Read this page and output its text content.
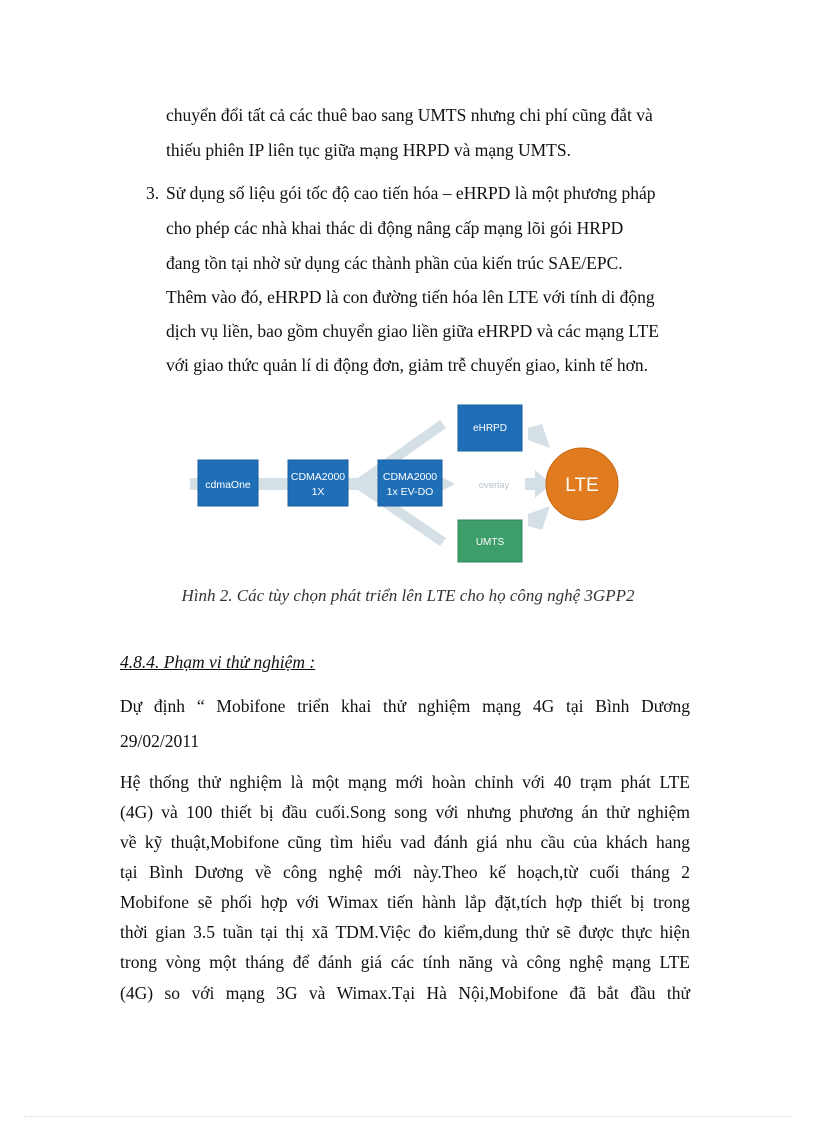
chuyển đổi tất cả các thuê bao sang UMTS nhưng chi phí cũng đắt và
thiếu phiên IP liên tục giữa mạng HRPD và mạng UMTS.
3. Sử dụng số liệu gói tốc độ cao tiến hóa – eHRPD là một phương pháp
cho phép các nhà khai thác di động nâng cấp mạng lõi gói HRPD
đang tồn tại nhờ sử dụng các thành phần của kiến trúc SAE/EPC.
Thêm vào đó, eHRPD là con đường tiến hóa lên LTE với tính di động
dịch vụ liền, bao gồm chuyển giao liền giữa eHRPD và các mạng LTE
với giao thức quản lí di động đơn, giảm trễ chuyển giao, kinh tế hơn.
cdmaOne
CDMA2000
1X
CDMA2000
1x EV-DO
eHRPD
overlay
UMTS
LTE
Hình 2. Các tùy chọn phát triển lên LTE cho họ công nghệ 3GPP2
4.8.4. Phạm vi thử nghiệm :
Dự định “ Mobifone triển khai thử nghiệm mạng 4G tại Bình Dương
29/02/2011
Hệ thống thử nghiệm là một mạng mới hoàn chỉnh với 40 trạm phát LTE
(4G) và 100 thiết bị đầu cuối.Song song với nhưng phương án thử nghiệm
về kỹ thuật,Mobifone cũng tìm hiểu vad đánh giá nhu cầu của khách hang
tại Bình Dương về công nghệ mới này.Theo kế hoạch,từ cuối tháng 2
Mobifone sẽ phối hợp với Wimax tiến hành lắp đặt,tích hợp thiết bị trong
thời gian 3.5 tuần tại thị xã TDM.Việc đo kiểm,dung thử sẽ được thực hiện
trong vòng một tháng để đánh giá các tính năng và công nghệ mạng LTE
(4G) so với mạng 3G và Wimax.Tại Hà Nội,Mobifone đã bắt đầu thử
